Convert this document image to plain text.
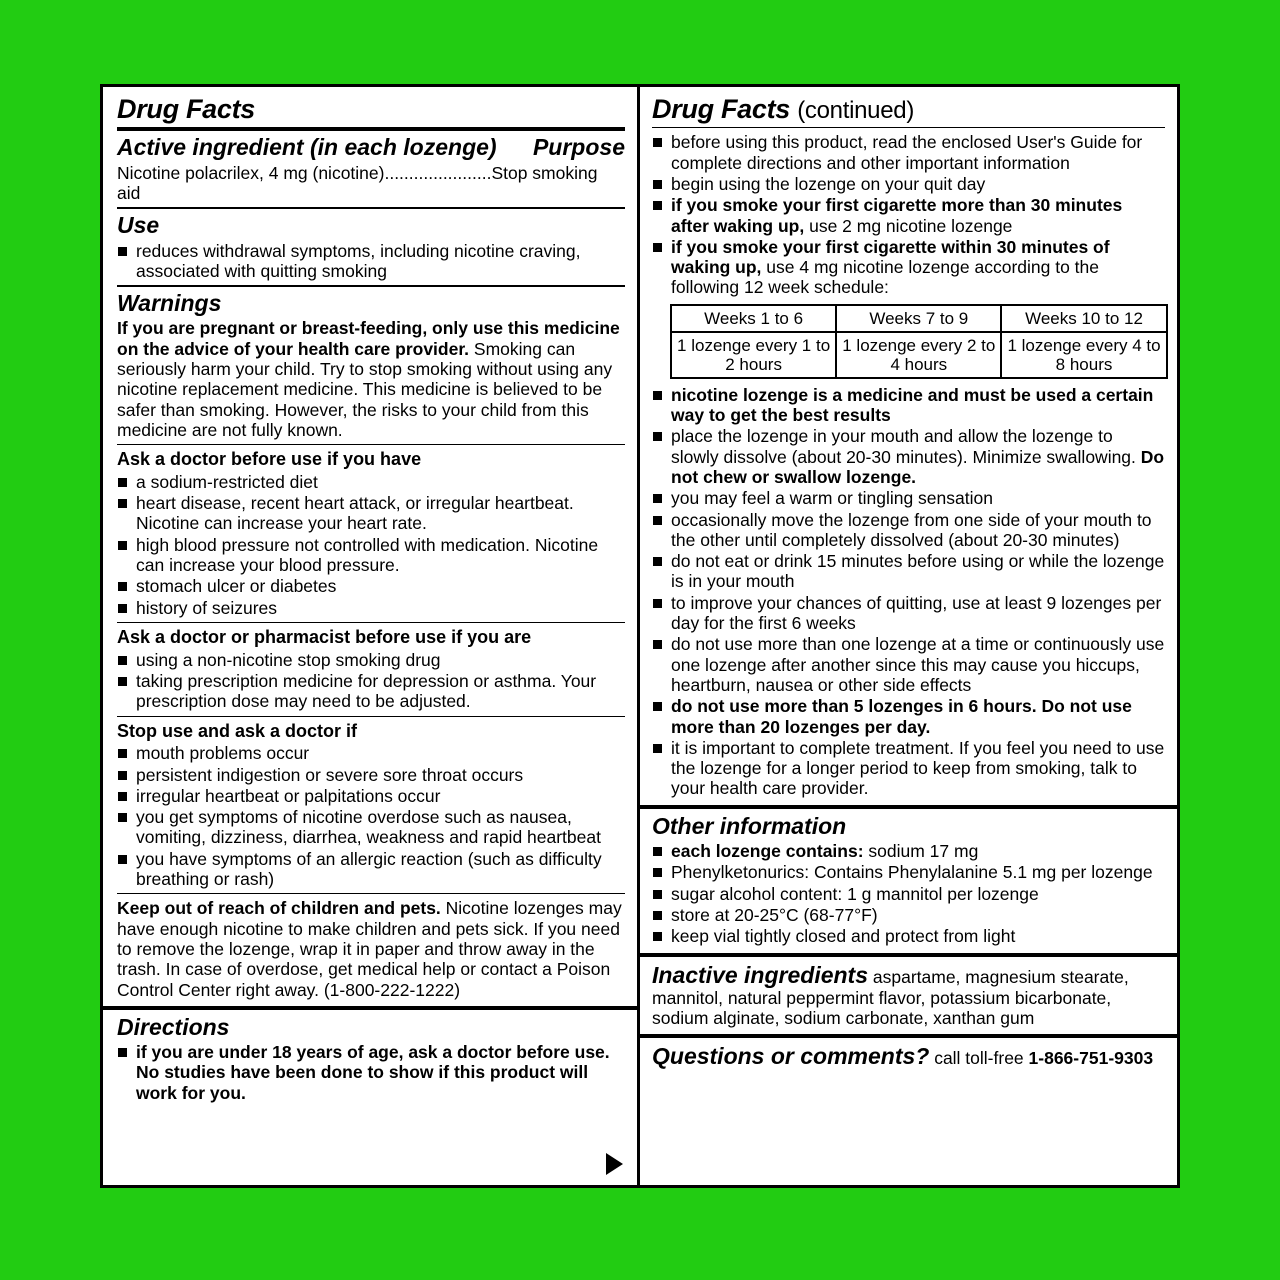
Drug Facts
Purpose
Active ingredient (in each lozenge)
Nicotine polacrilex, 4 mg (nicotine)......................Stop smoking aid
Use
reduces withdrawal symptoms, including nicotine craving, associated with quitting smoking
Warnings
If you are pregnant or breast-feeding, only use this medicine on the advice of your health care provider. Smoking can seriously harm your child. Try to stop smoking without using any nicotine replacement medicine. This medicine is believed to be safer than smoking. However, the risks to your child from this medicine are not fully known.
Ask a doctor before use if you have
a sodium-restricted diet
heart disease, recent heart attack, or irregular heartbeat. Nicotine can increase your heart rate.
high blood pressure not controlled with medication. Nicotine can increase your blood pressure.
stomach ulcer or diabetes
history of seizures
Ask a doctor or pharmacist before use if you are
using a non-nicotine stop smoking drug
taking prescription medicine for depression or asthma. Your prescription dose may need to be adjusted.
Stop use and ask a doctor if
mouth problems occur
persistent indigestion or severe sore throat occurs
irregular heartbeat or palpitations occur
you get symptoms of nicotine overdose such as nausea, vomiting, dizziness, diarrhea, weakness and rapid heartbeat
you have symptoms of an allergic reaction (such as difficulty breathing or rash)
Keep out of reach of children and pets. Nicotine lozenges may have enough nicotine to make children and pets sick. If you need to remove the lozenge, wrap it in paper and throw away in the trash. In case of overdose, get medical help or contact a Poison Control Center right away. (1-800-222-1222)
Directions
if you are under 18 years of age, ask a doctor before use. No studies have been done to show if this product will work for you.
Drug Facts (continued)
before using this product, read the enclosed User's Guide for complete directions and other important information
begin using the lozenge on your quit day
if you smoke your first cigarette more than 30 minutes after waking up, use 2 mg nicotine lozenge
if you smoke your first cigarette within 30 minutes of waking up, use 4 mg nicotine lozenge according to the following 12 week schedule:
Weeks 1 to 6	Weeks 7 to 9	Weeks 10 to 12
1 lozenge every 1 to 2 hours	1 lozenge every 2 to 4 hours	1 lozenge every 4 to 8 hours
nicotine lozenge is a medicine and must be used a certain way to get the best results
place the lozenge in your mouth and allow the lozenge to slowly dissolve (about 20-30 minutes). Minimize swallowing. Do not chew or swallow lozenge.
you may feel a warm or tingling sensation
occasionally move the lozenge from one side of your mouth to the other until completely dissolved (about 20-30 minutes)
do not eat or drink 15 minutes before using or while the lozenge is in your mouth
to improve your chances of quitting, use at least 9 lozenges per day for the first 6 weeks
do not use more than one lozenge at a time or continuously use one lozenge after another since this may cause you hiccups, heartburn, nausea or other side effects
do not use more than 5 lozenges in 6 hours. Do not use more than 20 lozenges per day.
it is important to complete treatment. If you feel you need to use the lozenge for a longer period to keep from smoking, talk to your health care provider.
Other information
each lozenge contains: sodium 17 mg
Phenylketonurics: Contains Phenylalanine 5.1 mg per lozenge
sugar alcohol content: 1 g mannitol per lozenge
store at 20-25°C (68-77°F)
keep vial tightly closed and protect from light
Inactive ingredients aspartame, magnesium stearate, mannitol, natural peppermint flavor, potassium bicarbonate, sodium alginate, sodium carbonate, xanthan gum
Questions or comments? call toll-free 1-866-751-9303
